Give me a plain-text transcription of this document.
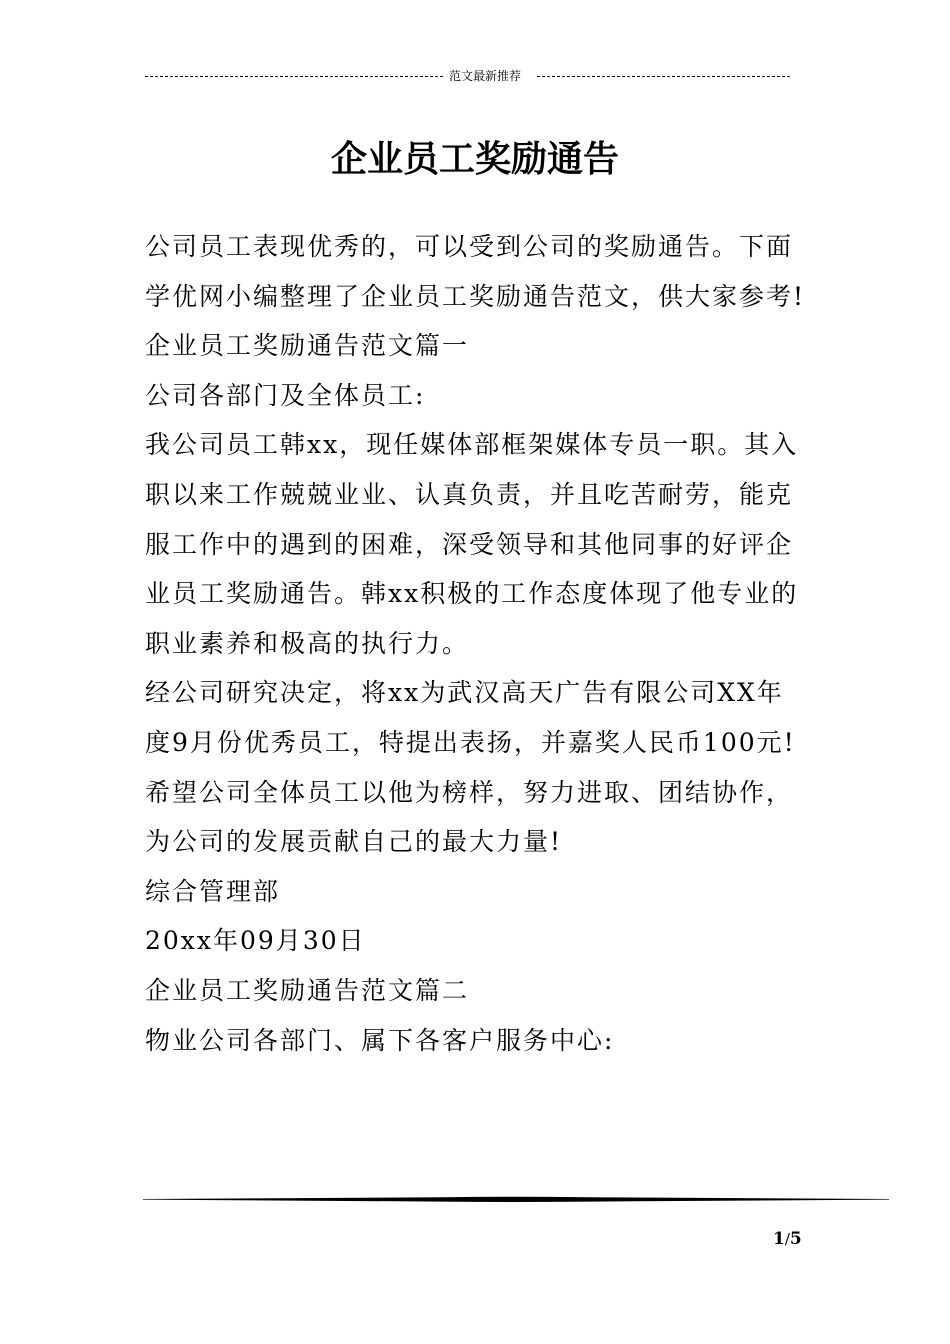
范文最新推荐
企业员工奖励通告

公司员工表现优秀的，可以受到公司的奖励通告。下面学优网小编整理了企业员工奖励通告范文，供大家参考!

企业员工奖励通告范文篇一

公司各部门及全体员工:

我公司员工韩xx，现任媒体部框架媒体专员一职。其入职以来工作兢兢业业、认真负责，并且吃苦耐劳，能克服工作中的遇到的困难，深受领导和其他同事的好评企业员工奖励通告。韩xx积极的工作态度体现了他专业的职业素养和极高的执行力。

经公司研究决定，将xx为武汉高天广告有限公司XX年度9月份优秀员工，特提出表扬，并嘉奖人民币100元!

希望公司全体员工以他为榜样，努力进取、团结协作，为公司的发展贡献自己的最大力量!

综合管理部

20xx年09月30日

企业员工奖励通告范文篇二

物业公司各部门、属下各客户服务中心:

1/5
